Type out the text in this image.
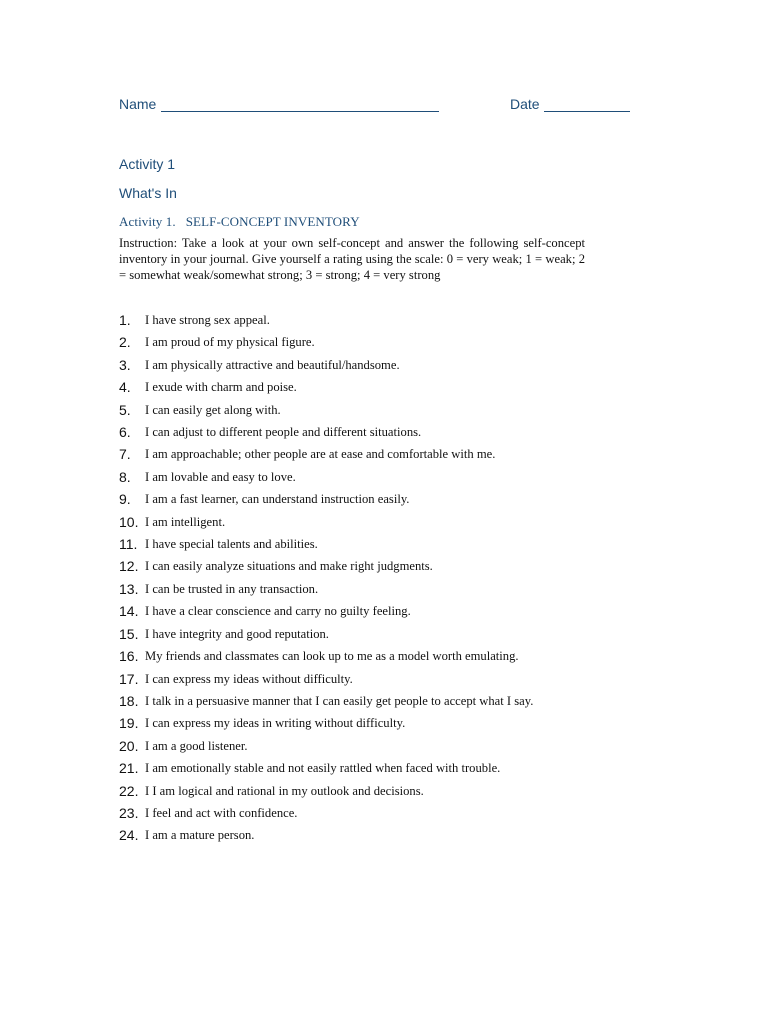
Name	Date
Activity 1
What's In
Activity 1. SELF-CONCEPT INVENTORY

Instruction: Take a look at your own self-concept and answer the following self-concept inventory in your journal. Give yourself a rating using the scale: 0 = very weak; 1 = weak; 2 = somewhat weak/somewhat strong; 3 = strong; 4 = very strong

1. I have strong sex appeal.
2. I am proud of my physical figure.
3. I am physically attractive and beautiful/handsome.
4. I exude with charm and poise.
5. I can easily get along with.
6. I can adjust to different people and different situations.
7. I am approachable; other people are at ease and comfortable with me.
8. I am lovable and easy to love.
9. I am a fast learner, can understand instruction easily.
10. I am intelligent.
11. I have special talents and abilities.
12. I can easily analyze situations and make right judgments.
13. I can be trusted in any transaction.
14. I have a clear conscience and carry no guilty feeling.
15. I have integrity and good reputation.
16. My friends and classmates can look up to me as a model worth emulating.
17. I can express my ideas without difficulty.
18. I talk in a persuasive manner that I can easily get people to accept what I say.
19. I can express my ideas in writing without difficulty.
20. I am a good listener.
21. I am emotionally stable and not easily rattled when faced with trouble.
22. I I am logical and rational in my outlook and decisions.
23. I feel and act with confidence.
24. I am a mature person.
